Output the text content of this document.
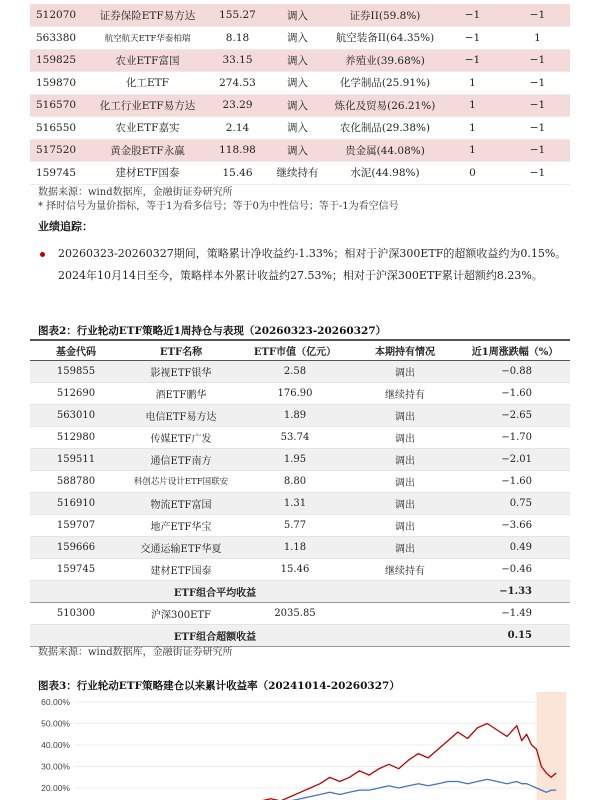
512070	证券保险ETF易方达	155.27	调入	证券II(59.8%)	−1	−1
563380	航空航天ETF华泰柏瑞	8.18	调入	航空装备II(64.35%)	−1	1
159825	农业ETF富国	33.15	调入	养殖业(39.68%)	−1	−1
159870	化工ETF	274.53	调入	化学制品(25.91%)	1	−1
516570	化工行业ETF易方达	23.29	调入	炼化及贸易(26.21%)	1	−1
516550	农业ETF嘉实	2.14	调入	农化制品(29.38%)	1	−1
517520	黄金股ETF永赢	118.98	调入	贵金属(44.08%)	1	−1
159745	建材ETF国泰	15.46	继续持有	水泥(44.98%)	0	−1
数据来源：wind数据库，金融街证券研究所
* 择时信号为量价指标，等于1为看多信号；等于0为中性信号；等于-1为看空信号
业绩追踪：
20260323-20260327期间，策略累计净收益约-1.33%；相对于沪深300ETF的超额收益约为0.15%。2024年10月14日至今，策略样本外累计收益约27.53%；相对于沪深300ETF累计超额约8.23%。
图表2：行业轮动ETF策略近1周持仓与表现（20260323-20260327）
基金代码	ETF名称	ETF市值（亿元）	本期持有情况	近1周涨跌幅（%）
159855	影视ETF银华	2.58	调出	−0.88
512690	酒ETF鹏华	176.90	继续持有	−1.60
563010	电信ETF易方达	1.89	调出	−2.65
512980	传媒ETF广发	53.74	调出	−1.70
159511	通信ETF南方	1.95	调出	−2.01
588780	科创芯片设计ETF国联安	8.80	调出	−1.60
516910	物流ETF富国	1.31	调出	0.75
159707	地产ETF华宝	5.77	调出	−3.66
159666	交通运输ETF华夏	1.18	调出	0.49
159745	建材ETF国泰	15.46	继续持有	−0.46
ETF组合平均收益				−1.33
510300	沪深300ETF	2035.85		−1.49
ETF组合超额收益				0.15
数据来源：wind数据库，金融街证券研究所
图表3：行业轮动ETF策略建仓以来累计收益率（20241014-20260327）
60.00%
50.00%
40.00%
30.00%
20.00%
